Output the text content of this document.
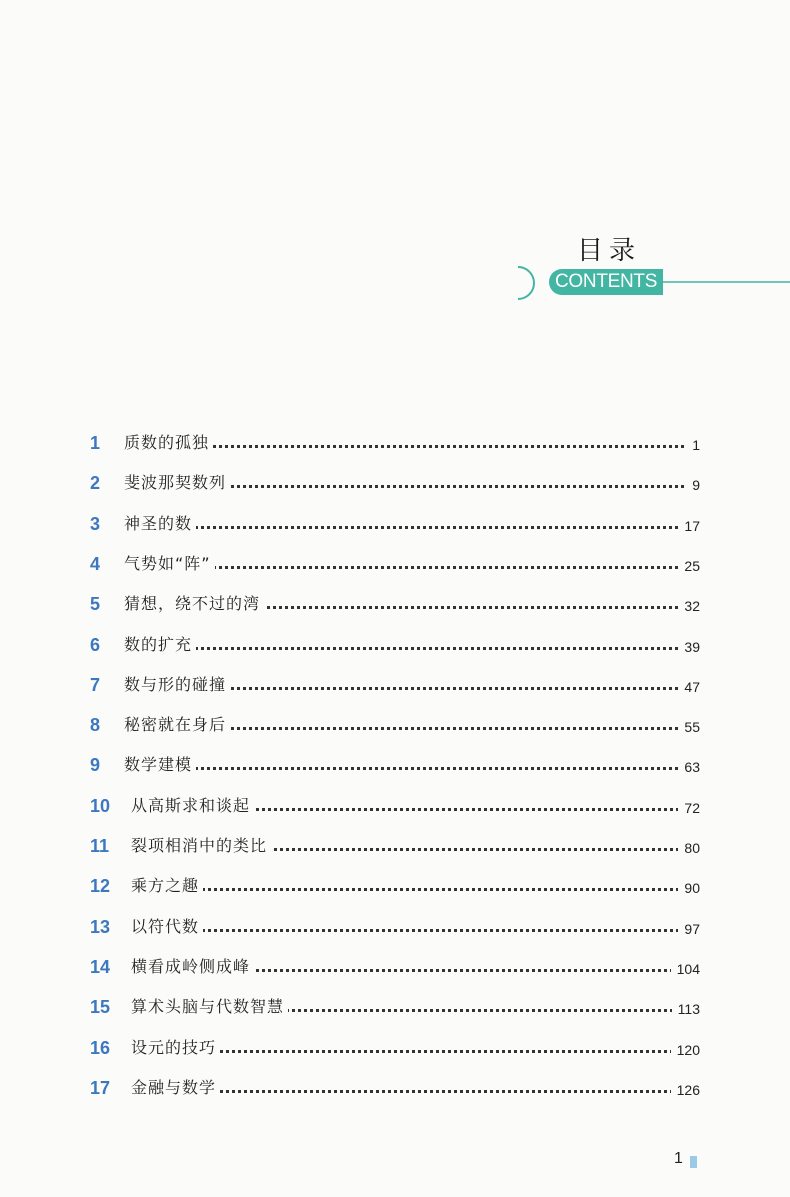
目录
CONTENTS
1	质数的孤独	1
2	斐波那契数列	9
3	神圣的数	17
4	气势如“阵”	25
5	猜想，绕不过的湾	32
6	数的扩充	39
7	数与形的碰撞	47
8	秘密就在身后	55
9	数学建模	63
10	从高斯求和谈起	72
11	裂项相消中的类比	80
12	乘方之趣	90
13	以符代数	97
14	横看成岭侧成峰	104
15	算术头脑与代数智慧	113
16	设元的技巧	120
17	金融与数学	126
1
